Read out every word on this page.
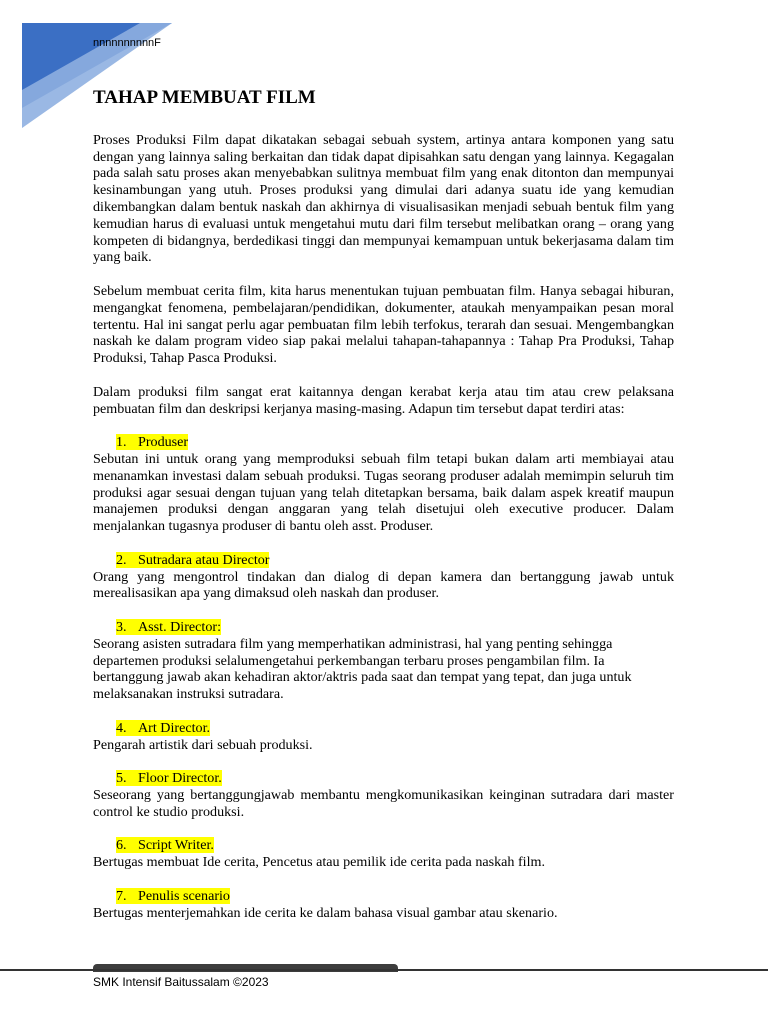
nnnnnnnnnnF
TAHAP MEMBUAT FILM

Proses Produksi Film dapat dikatakan sebagai sebuah system, artinya antara komponen yang satu dengan yang lainnya saling berkaitan dan tidak dapat dipisahkan satu dengan yang lainnya. Kegagalan pada salah satu proses akan menyebabkan sulitnya membuat film yang enak ditonton dan mempunyai kesinambungan yang utuh. Proses produksi yang dimulai dari adanya suatu ide yang kemudian dikembangkan dalam bentuk naskah dan akhirnya di visualisasikan menjadi sebuah bentuk film yang kemudian harus di evaluasi untuk mengetahui mutu dari film tersebut melibatkan orang – orang yang kompeten di bidangnya, berdedikasi tinggi dan mempunyai kemampuan untuk bekerjasama dalam tim yang baik.

Sebelum membuat cerita film, kita harus menentukan tujuan pembuatan film. Hanya sebagai hiburan, mengangkat fenomena, pembelajaran/pendidikan, dokumenter, ataukah menyampaikan pesan moral tertentu. Hal ini sangat perlu agar pembuatan film lebih terfokus, terarah dan sesuai. Mengembangkan naskah ke dalam program video siap pakai melalui tahapan-tahapannya : Tahap Pra Produksi, Tahap Produksi, Tahap Pasca Produksi.

Dalam produksi film sangat erat kaitannya dengan kerabat kerja atau tim atau crew pelaksana pembuatan film dan deskripsi kerjanya masing-masing. Adapun tim tersebut dapat terdiri atas:

1. Produser

Sebutan ini untuk orang yang memproduksi sebuah film tetapi bukan dalam arti membiayai atau menanamkan investasi dalam sebuah produksi. Tugas seorang produser adalah memimpin seluruh tim produksi agar sesuai dengan tujuan yang telah ditetapkan bersama, baik dalam aspek kreatif maupun manajemen produksi dengan anggaran yang telah disetujui oleh executive producer. Dalam menjalankan tugasnya produser di bantu oleh asst. Produser.

2. Sutradara atau Director

Orang yang mengontrol tindakan dan dialog di depan kamera dan bertanggung jawab untuk merealisasikan apa yang dimaksud oleh naskah dan produser.

3. Asst. Director:

Seorang asisten sutradara film yang memperhatikan administrasi, hal yang penting sehingga departemen produksi selalumengetahui perkembangan terbaru proses pengambilan film. Ia bertanggung jawab akan kehadiran aktor/aktris pada saat dan tempat yang tepat, dan juga untuk melaksanakan instruksi sutradara.

4. Art Director.

Pengarah artistik dari sebuah produksi.

5. Floor Director.

Seseorang yang bertanggungjawab membantu mengkomunikasikan keinginan sutradara dari master control ke studio produksi.

6. Script Writer.

Bertugas membuat Ide cerita, Pencetus atau pemilik ide cerita pada naskah film.

7. Penulis scenario

Bertugas menterjemahkan ide cerita ke dalam bahasa visual gambar atau skenario.

SMK Intensif Baitussalam ©2023
